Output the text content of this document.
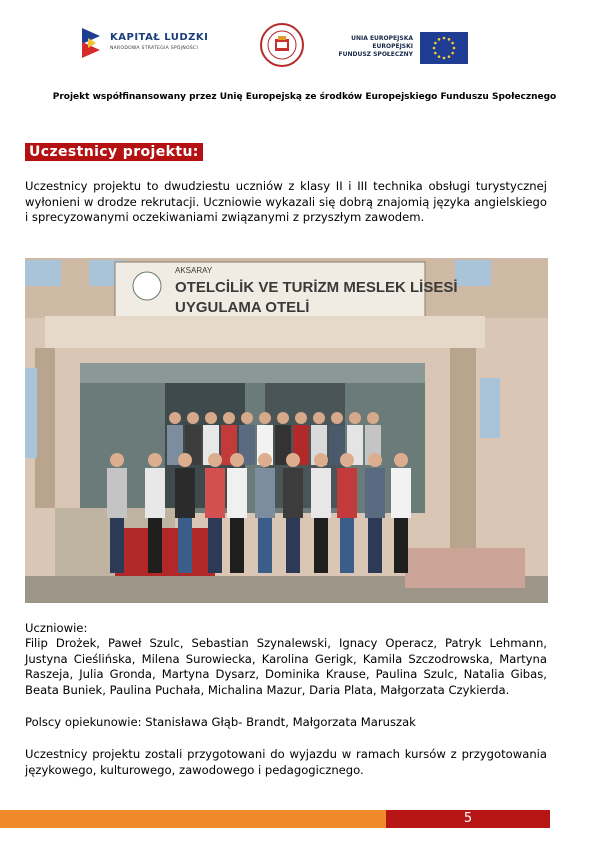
KAPITAŁ LUDZKI
NARODOWA STRATEGIA SPÓJNOŚCI
UNIA EUROPEJSKA
EUROPEJSKI
FUNDUSZ SPOŁECZNY
Projekt współfinansowany przez Unię Europejską ze środków Europejskiego Funduszu Społecznego
Uczestnicy projektu:

Uczestnicy projektu to dwudziestu uczniów z klasy II i III technika obsługi turystycznej wyłonieni w drodze rekrutacji. Uczniowie wykazali się dobrą znajomią języka angielskiego i sprecyzowanymi oczekiwaniami związanymi z przyszłym zawodem.

AKSARAY
OTELCİLİK VE TURİZM MESLEK LİSESİ
UYGULAMA OTELİ
Uczniowie:

Filip Drożek, Paweł Szulc, Sebastian Szynalewski, Ignacy Operacz, Patryk Lehmann, Justyna Cieślińska, Milena Surowiecka, Karolina Gerigk, Kamila Szczodrowska, Martyna Raszeja, Julia Gronda, Martyna Dysarz, Dominika Krause, Paulina Szulc, Natalia Gibas, Beata Buniek, Paulina Puchała, Michalina Mazur, Daria Plata, Małgorzata Czykierda.

Polscy opiekunowie: Stanisława Głąb- Brandt, Małgorzata Maruszak

Uczestnicy projektu zostali przygotowani do wyjazdu w ramach kursów z przygotowania językowego, kulturowego, zawodowego i pedagogicznego.

5
